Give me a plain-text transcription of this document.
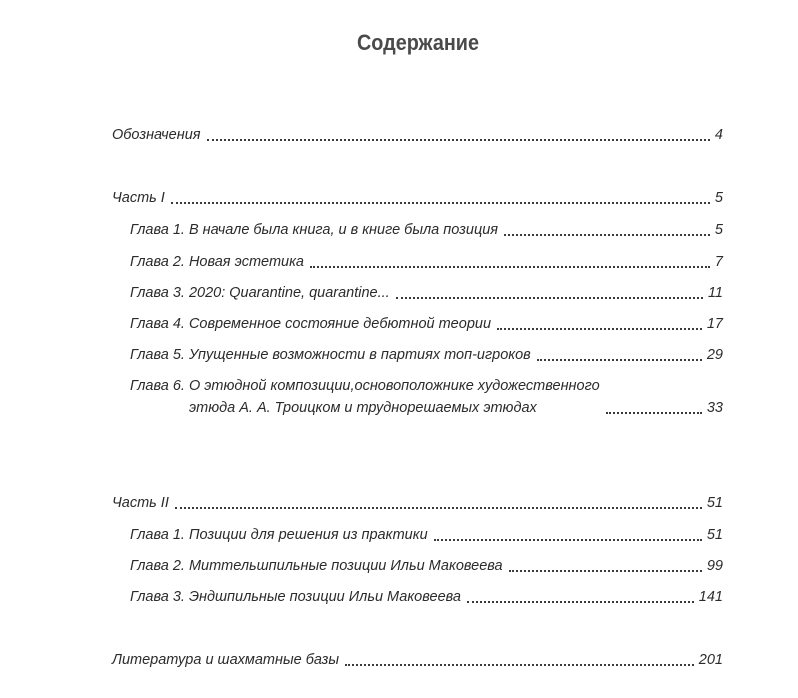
Содержание
Обозначения	4
Часть I	5
Глава 1. В начале была книга, и в книге была позиция	5
Глава 2. Новая эстетика	7
Глава 3. 2020: Quarantine, quarantine...	11
Глава 4. Современное состояние дебютной теории	17
Глава 5. Упущенные возможности в партиях топ-игроков	29
Глава 6. О этюдной композиции,основоположнике художественного
этюда А. А. Троицком и труднорешаемых этюдах	33
Часть II	51
Глава 1. Позиции для решения из практики	51
Глава 2. Миттельшпильные позиции Ильи Маковеева	99
Глава 3. Эндшпильные позиции Ильи Маковеева	141
Литература и шахматные базы	201
